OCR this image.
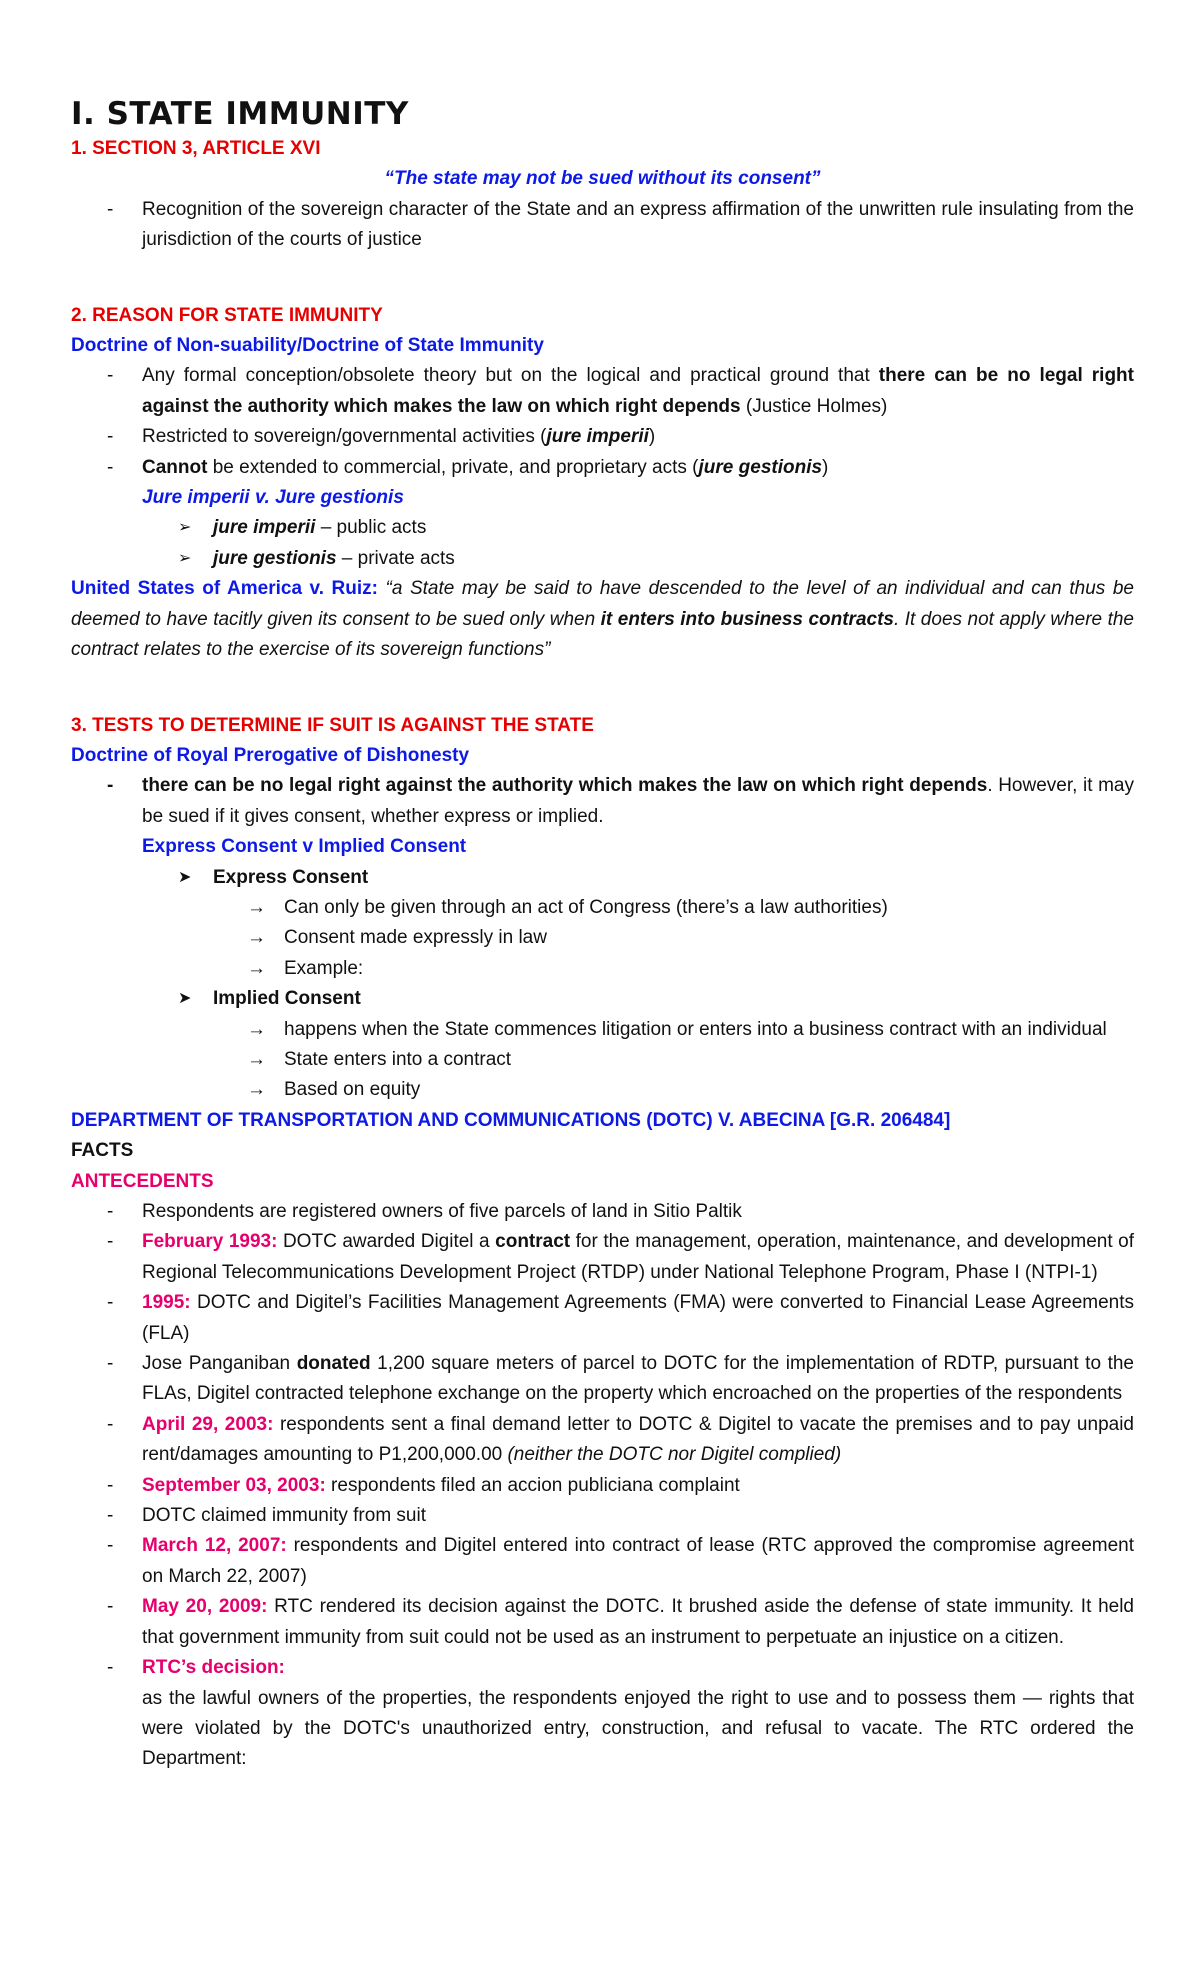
I. STATE IMMUNITY
1. SECTION 3, ARTICLE XVI
“The state may not be sued without its consent”
- Recognition of the sovereign character of the State and an express affirmation of the unwritten rule insulating from the jurisdiction of the courts of justice
2. REASON FOR STATE IMMUNITY
Doctrine of Non-suability/Doctrine of State Immunity
- Any formal conception/obsolete theory but on the logical and practical ground that there can be no legal right against the authority which makes the law on which right depends (Justice Holmes)
- Restricted to sovereign/governmental activities (jure imperii)
- Cannot be extended to commercial, private, and proprietary acts (jure gestionis)
Jure imperii v. Jure gestionis
➢ jure imperii – public acts
➢ jure gestionis – private acts
United States of America v. Ruiz: “a State may be said to have descended to the level of an individual and can thus be deemed to have tacitly given its consent to be sued only when it enters into business contracts. It does not apply where the contract relates to the exercise of its sovereign functions”
3. TESTS TO DETERMINE IF SUIT IS AGAINST THE STATE
Doctrine of Royal Prerogative of Dishonesty
- there can be no legal right against the authority which makes the law on which right depends. However, it may be sued if it gives consent, whether express or implied.
Express Consent v Implied Consent
➤ Express Consent
→ Can only be given through an act of Congress (there’s a law authorities)
→ Consent made expressly in law
→ Example:
➤ Implied Consent
→ happens when the State commences litigation or enters into a business contract with an individual
→ State enters into a contract
→ Based on equity
DEPARTMENT OF TRANSPORTATION AND COMMUNICATIONS (DOTC) V. ABECINA [G.R. 206484]
FACTS
ANTECEDENTS
- Respondents are registered owners of five parcels of land in Sitio Paltik
- February 1993: DOTC awarded Digitel a contract for the management, operation, maintenance, and development of Regional Telecommunications Development Project (RTDP) under National Telephone Program, Phase I (NTPI-1)
- 1995: DOTC and Digitel’s Facilities Management Agreements (FMA) were converted to Financial Lease Agreements (FLA)
- Jose Panganiban donated 1,200 square meters of parcel to DOTC for the implementation of RDTP, pursuant to the FLAs, Digitel contracted telephone exchange on the property which encroached on the properties of the respondents
- April 29, 2003: respondents sent a final demand letter to DOTC & Digitel to vacate the premises and to pay unpaid rent/damages amounting to P1,200,000.00 (neither the DOTC nor Digitel complied)
- September 03, 2003: respondents filed an accion publiciana complaint
- DOTC claimed immunity from suit
- March 12, 2007: respondents and Digitel entered into contract of lease (RTC approved the compromise agreement on March 22, 2007)
- May 20, 2009: RTC rendered its decision against the DOTC. It brushed aside the defense of state immunity. It held that government immunity from suit could not be used as an instrument to perpetuate an injustice on a citizen.
- RTC’s decision:
as the lawful owners of the properties, the respondents enjoyed the right to use and to possess them — rights that were violated by the DOTC's unauthorized entry, construction, and refusal to vacate. The RTC ordered the Department:
